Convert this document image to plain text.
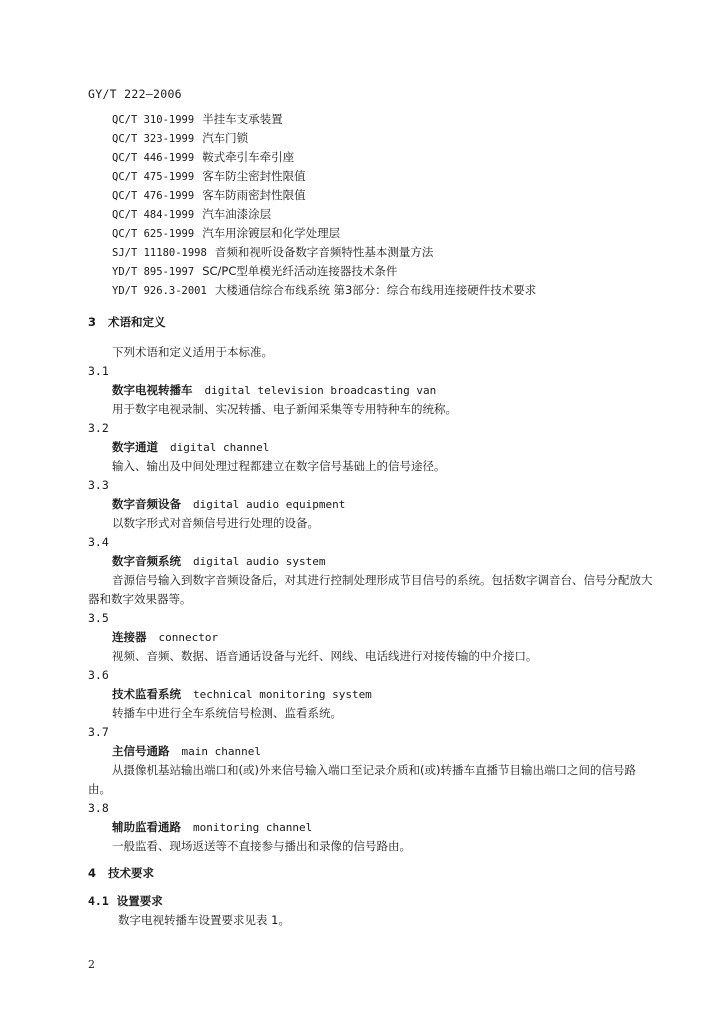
GY/T 222—2006
QC/T 310-1999 半挂车支承装置
QC/T 323-1999 汽车门锁
QC/T 446-1999 鞍式牵引车牵引座
QC/T 475-1999 客车防尘密封性限值
QC/T 476-1999 客车防雨密封性限值
QC/T 484-1999 汽车油漆涂层
QC/T 625-1999 汽车用涂镀层和化学处理层
SJ/T 11180-1998 音频和视听设备数字音频特性基本测量方法
YD/T 895-1997 SC/PC型单模光纤活动连接器技术条件
YD/T 926.3-2001 大楼通信综合布线系统 第3部分：综合布线用连接硬件技术要求
3 术语和定义
下列术语和定义适用于本标准。
3.1
数字电视转播车 digital television broadcasting van
用于数字电视录制、实况转播、电子新闻采集等专用特种车的统称。
3.2
数字通道 digital channel
输入、输出及中间处理过程都建立在数字信号基础上的信号途径。
3.3
数字音频设备 digital audio equipment
以数字形式对音频信号进行处理的设备。
3.4
数字音频系统 digital audio system
音源信号输入到数字音频设备后，对其进行控制处理形成节目信号的系统。包括数字调音台、信号分配放大器和数字效果器等。
3.5
连接器 connector
视频、音频、数据、语音通话设备与光纤、网线、电话线进行对接传输的中介接口。
3.6
技术监看系统 technical monitoring system
转播车中进行全车系统信号检测、监看系统。
3.7
主信号通路 main channel
从摄像机基站输出端口和(或)外来信号输入端口至记录介质和(或)转播车直播节目输出端口之间的信号路由。
3.8
辅助监看通路 monitoring channel
一般监看、现场返送等不直接参与播出和录像的信号路由。
4 技术要求
4.1 设置要求
数字电视转播车设置要求见表 1。
2
